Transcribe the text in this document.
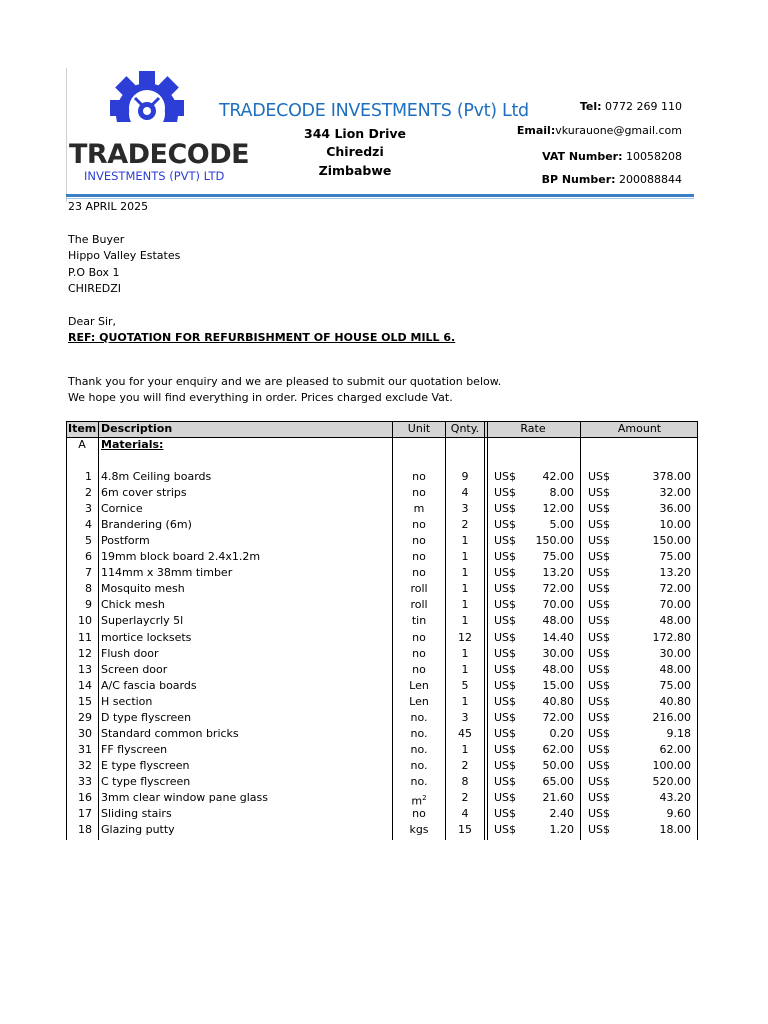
TRADECODE
INVESTMENTS (PVT) LTD
TRADECODE INVESTMENTS (Pvt) Ltd
344 Lion Drive
Chiredzi
Zimbabwe
Tel: 0772 269 110
Email:vkurauone@gmail.com
VAT Number: 10058208
BP Number: 200088844
23 APRIL 2025
The Buyer
Hippo Valley Estates
P.O Box 1
CHIREDZI
Dear Sir,
REF: QUOTATION FOR REFURBISHMENT OF HOUSE OLD MILL 6.
Thank you for your enquiry and we are pleased to submit our quotation below.
We hope you will find everything in order. Prices charged exclude Vat.
Item Description	Unit	Qnty.	Rate	Amount
A	Materials:
1 4.8m Ceiling boards	no	9	US$	42.00 US$	378.00
2 6m cover strips	no	4	US$	8.00 US$	32.00
3 Cornice	m	3	US$	12.00 US$	36.00
4 Brandering (6m)	no	2	US$	5.00 US$	10.00
5 Postform	no	1	US$	150.00 US$	150.00
6 19mm block board 2.4x1.2m	no	1	US$	75.00 US$	75.00
7 114mm x 38mm timber	no	1	US$	13.20 US$	13.20
8 Mosquito mesh	roll	1	US$	72.00 US$	72.00
9 Chick mesh	roll	1	US$	70.00 US$	70.00
10 Superlaycrly 5l	tin	1	US$	48.00 US$	48.00
11 mortice locksets	no	12	US$	14.40 US$	172.80
12 Flush door	no	1	US$	30.00 US$	30.00
13 Screen door	no	1	US$	48.00 US$	48.00
14 A/C fascia boards	Len	5	US$	15.00 US$	75.00
15 H section	Len	1	US$	40.80 US$	40.80
29 D type flyscreen	no.	3	US$	72.00 US$	216.00
30 Standard common bricks	no.	45	US$	0.20 US$	9.18
31 FF flyscreen	no.	1	US$	62.00 US$	62.00
32 E type flyscreen	no.	2	US$	50.00 US$	100.00
33 C type flyscreen	no.	8	US$	65.00 US$	520.00
16 3mm clear window pane glass	$m^2$	2	US$	21.60 US$	43.20
17 Sliding stairs	no	4	US$	2.40 US$	9.60
18 Glazing putty	kgs	15	US$	1.20 US$	18.00
